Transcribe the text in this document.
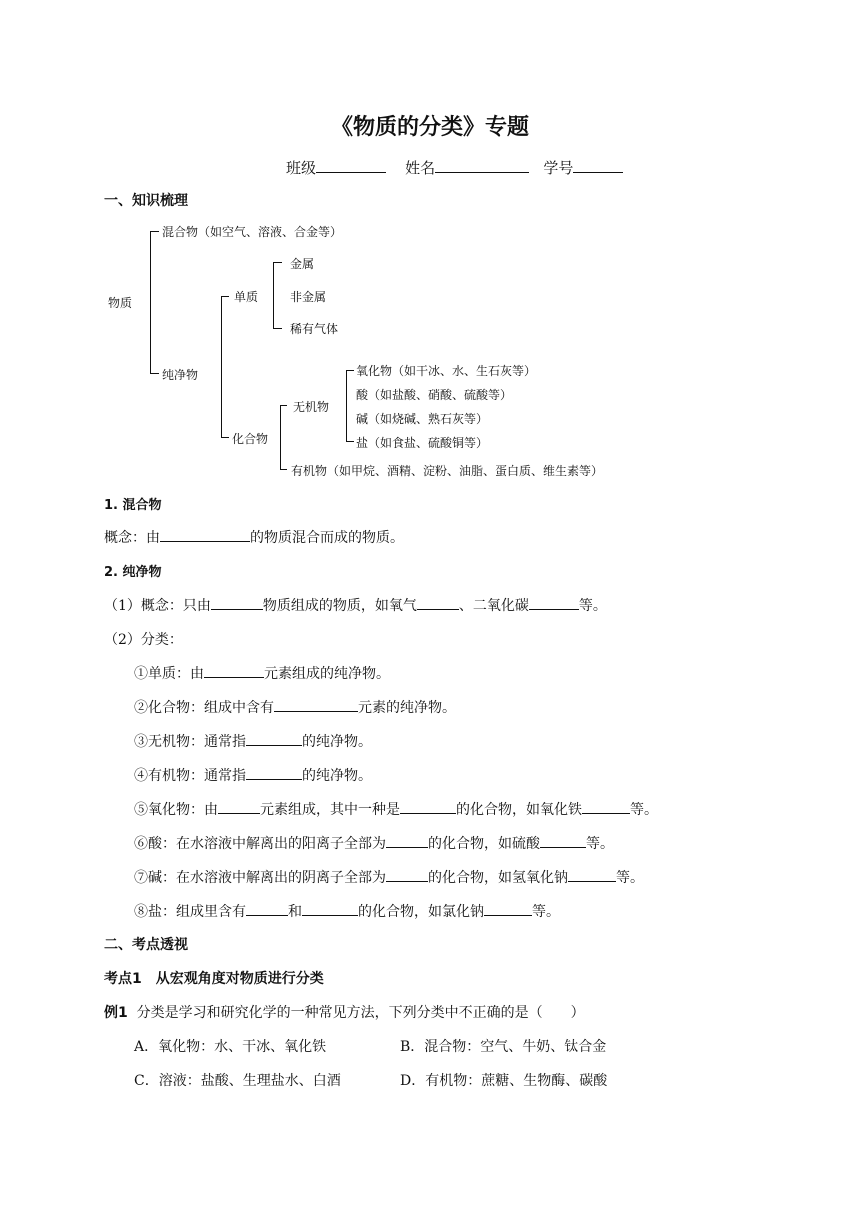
《物质的分类》专题
班级	姓名	学号
一、知识梳理
物质
混合物（如空气、溶液、合金等）
纯净物
单质
金属
非金属
稀有气体
化合物
无机物
氧化物（如干冰、水、生石灰等）
酸（如盐酸、硝酸、硫酸等）
碱（如烧碱、熟石灰等）
盐（如食盐、硫酸铜等）
有机物（如甲烷、酒精、淀粉、油脂、蛋白质、维生素等）
1. 混合物
概念：由	的物质混合而成的物质。
2. 纯净物
（1）概念：只由	物质组成的物质，如氧气	、二氧化碳	等。
（2）分类：
①单质：由	元素组成的纯净物。
②化合物：组成中含有	元素的纯净物。
③无机物：通常指	的纯净物。
④有机物：通常指	的纯净物。
⑤氧化物：由	元素组成，其中一种是	的化合物，如氧化铁	等。
⑥酸：在水溶液中解离出的阳离子全部为	的化合物，如硫酸	等。
⑦碱：在水溶液中解离出的阴离子全部为	的化合物，如氢氧化钠	等。
⑧盐：组成里含有	和	的化合物，如氯化钠	等。
二、考点透视
考点1　从宏观角度对物质进行分类
例1 分类是学习和研究化学的一种常见方法，下列分类中不正确的是（　　）
A．氧化物：水、干冰、氧化铁	B．混合物：空气、牛奶、钛合金
C．溶液：盐酸、生理盐水、白酒	D．有机物：蔗糖、生物酶、碳酸
